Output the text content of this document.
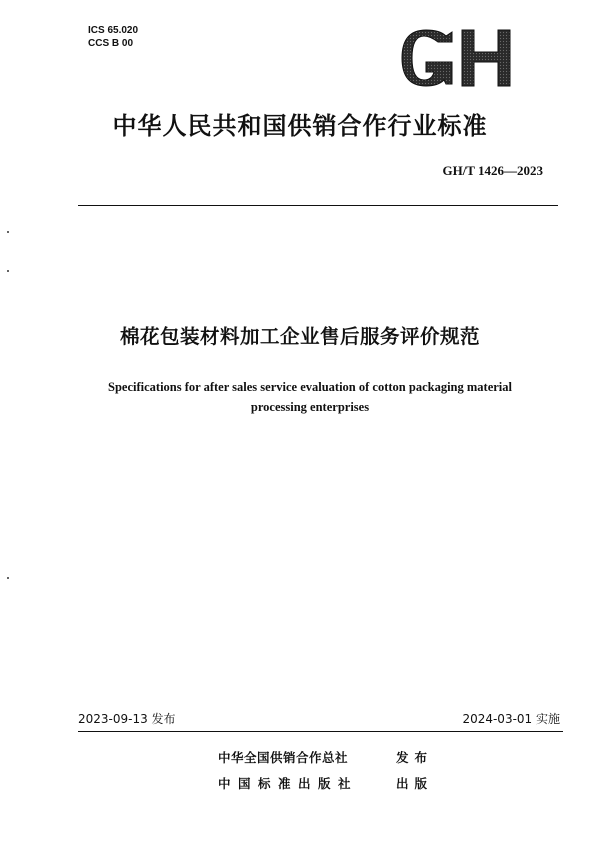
ICS 65.020
CCS B 00
GH
中华人民共和国供销合作行业标准
GH/T 1426—2023
棉花包装材料加工企业售后服务评价规范
Specifications for after sales service evaluation of cotton packaging material
processing enterprises
2023-09-13 发布	2024-03-01 实施
中华全国供销合作总社	发布
中国标准出版社	出版
